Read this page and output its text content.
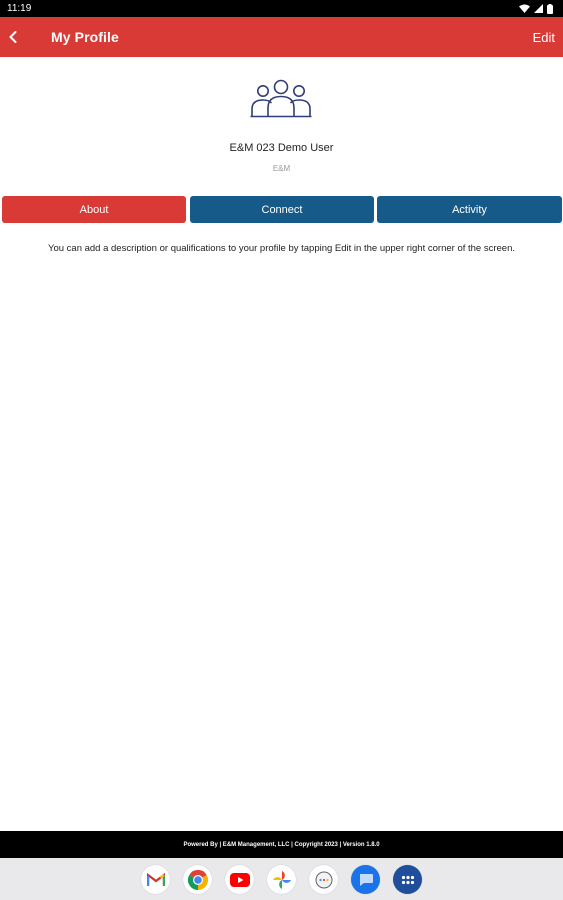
11:19
My Profile	Edit
E&M 023 Demo User
E&M
About	Connect	Activity
You can add a description or qualifications to your profile by tapping Edit in the upper right corner of the screen.
Powered By | E&M Management, LLC | Copyright 2023 | Version 1.8.0
